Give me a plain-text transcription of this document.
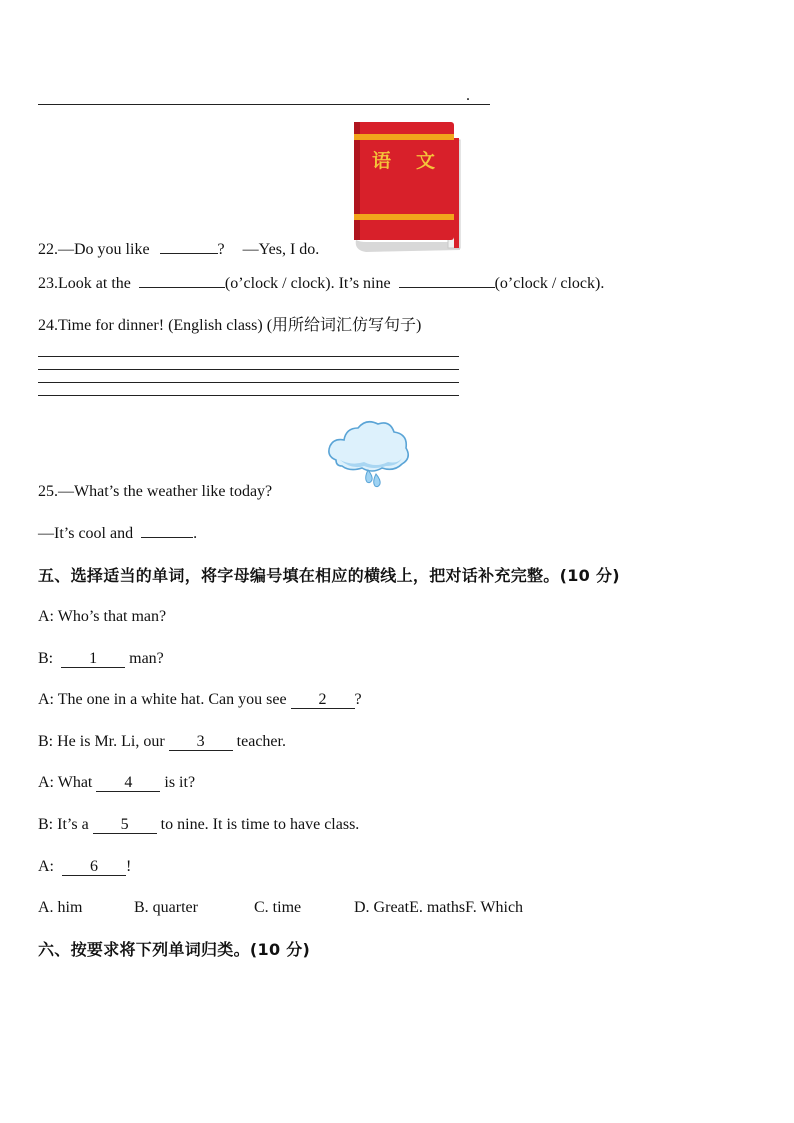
.
语 文
22.—Do you like	? —Yes, I do.
23.Look at the	(o’clock / clock). It’s nine	(o’clock / clock).
24.Time for dinner! (English class) (用所给词汇仿写句子)
25.—What’s the weather like today?
—It’s cool and	.
五、选择适当的单词，将字母编号填在相应的横线上，把对话补充完整。(10 分)
A: Who’s that man?
B: 1 man?
A: The one in a white hat. Can you see 2 ?
B: He is Mr. Li, our 3 teacher.
A: What 4 is it?
B: It’s a 5 to nine. It is time to have class.
A: 6 !
A. him	B. quarter	C. time	D. GreatE. mathsF. Which
六、按要求将下列单词归类。(10 分)
